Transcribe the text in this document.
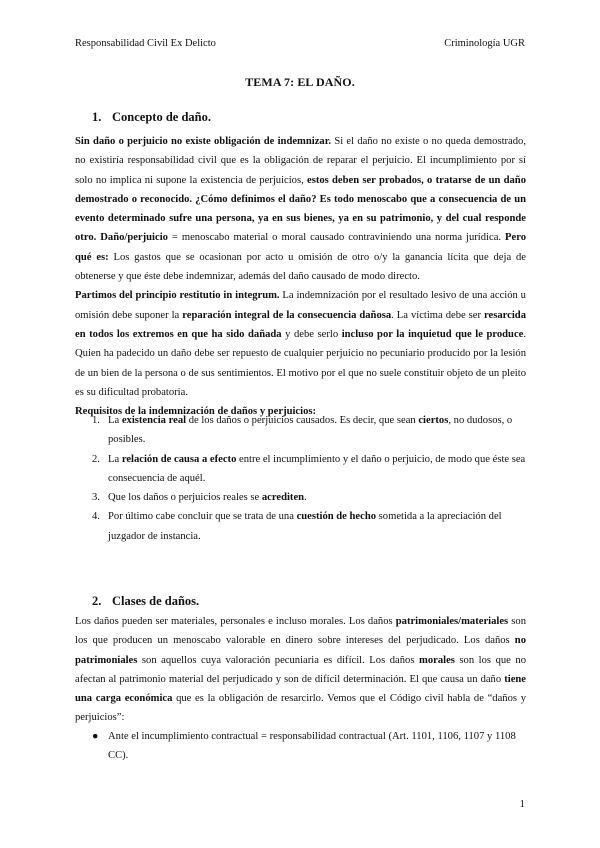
Responsabilidad Civil Ex Delicto	Criminología UGR
TEMA 7: EL DAÑO.
1. Concepto de daño.

Sin daño o perjuicio no existe obligación de indemnizar. Si el daño no existe o no queda demostrado, no existiría responsabilidad civil que es la obligación de reparar el perjuicio. El incumplimiento por sí solo no implica ni supone la existencia de perjuicios, estos deben ser probados, o tratarse de un daño demostrado o reconocido. ¿Cómo definimos el daño? Es todo menoscabo que a consecuencia de un evento determinado sufre una persona, ya en sus bienes, ya en su patrimonio, y del cual responde otro. Daño/perjuicio = menoscabo material o moral causado contraviniendo una norma jurídica. Pero qué es: Los gastos que se ocasionan por acto u omisión de otro o/y la ganancia lícita que deja de obtenerse y que éste debe indemnizar, además del daño causado de modo directo.

Partimos del principio restitutio in integrum. La indemnización por el resultado lesivo de una acción u omisión debe suponer la reparación integral de la consecuencia dañosa. La víctima debe ser resarcida en todos los extremos en que ha sido dañada y debe serlo incluso por la inquietud que le produce. Quien ha padecido un daño debe ser repuesto de cualquier perjuicio no pecuniario producido por la lesión de un bien de la persona o de sus sentimientos. El motivo por el que no suele constituir objeto de un pleito es su dificultad probatoria.

Requisitos de la indemnización de daños y perjuicios:

1. La existencia real de los daños o perjuicios causados. Es decir, que sean ciertos, no dudosos, o posibles.
2. La relación de causa a efecto entre el incumplimiento y el daño o perjuicio, de modo que éste sea consecuencia de aquél.
3. Que los daños o perjuicios reales se acrediten.
4. Por último cabe concluir que se trata de una cuestión de hecho sometida a la apreciación del juzgador de instancia.
2. Clases de daños.

Los daños pueden ser materiales, personales e incluso morales. Los daños patrimoniales/materiales son los que producen un menoscabo valorable en dinero sobre intereses del perjudicado. Los daños no patrimoniales son aquellos cuya valoración pecuniaria es difícil. Los daños morales son los que no afectan al patrimonio material del perjudicado y son de difícil determinación. El que causa un daño tiene una carga económica que es la obligación de resarcirlo. Vemos que el Código civil habla de “daños y perjuicios”:

● Ante el incumplimiento contractual = responsabilidad contractual (Art. 1101, 1106, 1107 y 1108 CC).
1
